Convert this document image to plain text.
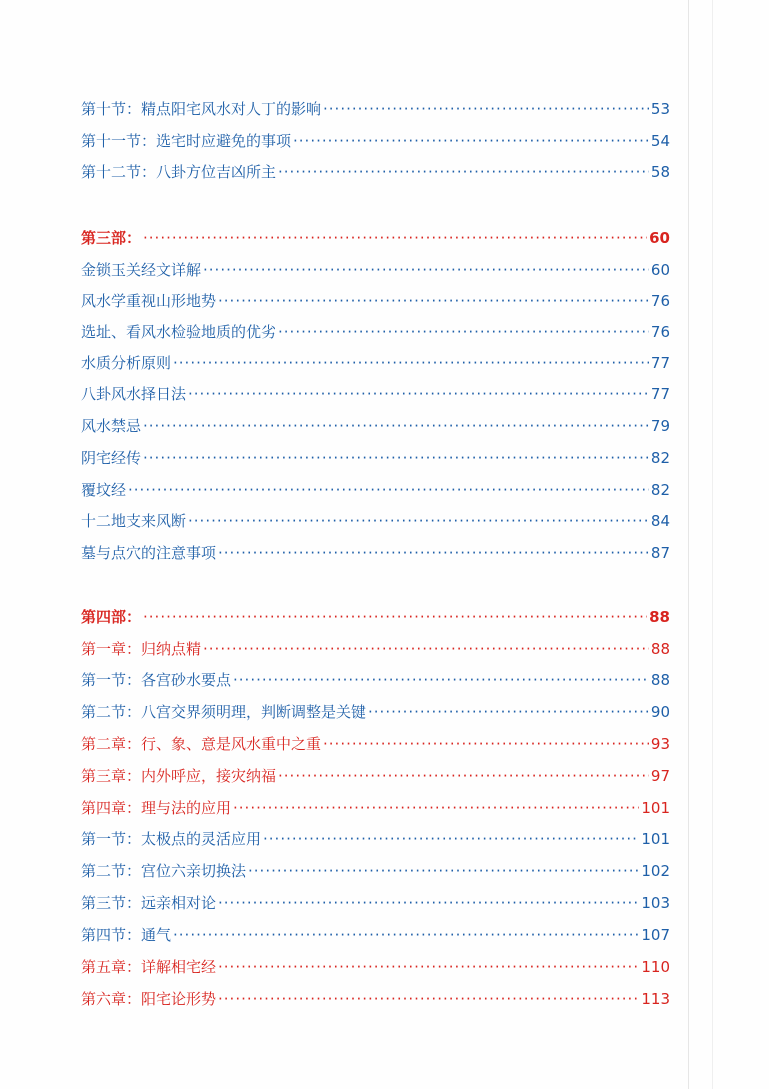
第十节：精点阳宅风水对人丁的影响 ·····	53
第十一节：选宅时应避免的事项 ·····	54
第十二节：八卦方位吉凶所主 ·····	58
第三部： ·····	60
金锁玉关经文详解 ·····	60
风水学重视山形地势 ·····	76
选址、看风水检验地质的优劣 ·····	76
水质分析原则 ·····	77
八卦风水择日法 ·····	77
风水禁忌 ·····	79
阴宅经传 ·····	82
覆坟经 ·····	82
十二地支来风断 ·····	84
墓与点穴的注意事项 ·····	87
第四部： ·····	88
第一章：归纳点精 ·····	88
第一节：各宫砂水要点 ·····	88
第二节：八宫交界须明理，判断调整是关键 ·····	90
第二章：行、象、意是风水重中之重 ·····	93
第三章：内外呼应，接灾纳福 ·····	97
第四章：理与法的应用 ·····	101
第一节：太极点的灵活应用 ·····	101
第二节：宫位六亲切换法 ·····	102
第三节：远亲相对论 ·····	103
第四节：通气 ·····	107
第五章：详解相宅经 ·····	110
第六章：阳宅论形势 ·····	113
